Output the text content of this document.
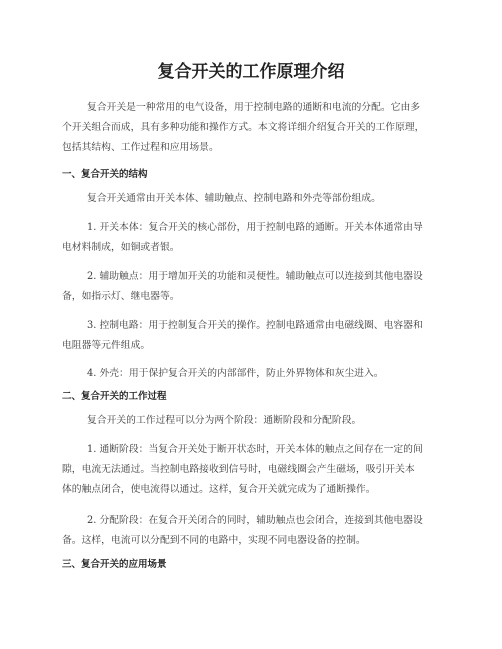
复合开关的工作原理介绍
复合开关是一种常用的电气设备，用于控制电路的通断和电流的分配。它由多
个开关组合而成，具有多种功能和操作方式。本文将详细介绍复合开关的工作原理，
包括其结构、工作过程和应用场景。
一、复合开关的结构
复合开关通常由开关本体、辅助触点、控制电路和外壳等部份组成。
1. 开关本体：复合开关的核心部份，用于控制电路的通断。开关本体通常由导
电材料制成，如铜或者银。
2. 辅助触点：用于增加开关的功能和灵便性。辅助触点可以连接到其他电器设
备，如指示灯、继电器等。
3. 控制电路：用于控制复合开关的操作。控制电路通常由电磁线圈、电容器和
电阻器等元件组成。
4. 外壳：用于保护复合开关的内部部件，防止外界物体和灰尘进入。
二、复合开关的工作过程
复合开关的工作过程可以分为两个阶段：通断阶段和分配阶段。
1. 通断阶段：当复合开关处于断开状态时，开关本体的触点之间存在一定的间
隙，电流无法通过。当控制电路接收到信号时，电磁线圈会产生磁场，吸引开关本
体的触点闭合，使电流得以通过。这样，复合开关就完成为了通断操作。
2. 分配阶段：在复合开关闭合的同时，辅助触点也会闭合，连接到其他电器设
备。这样，电流可以分配到不同的电路中，实现不同电器设备的控制。
三、复合开关的应用场景
